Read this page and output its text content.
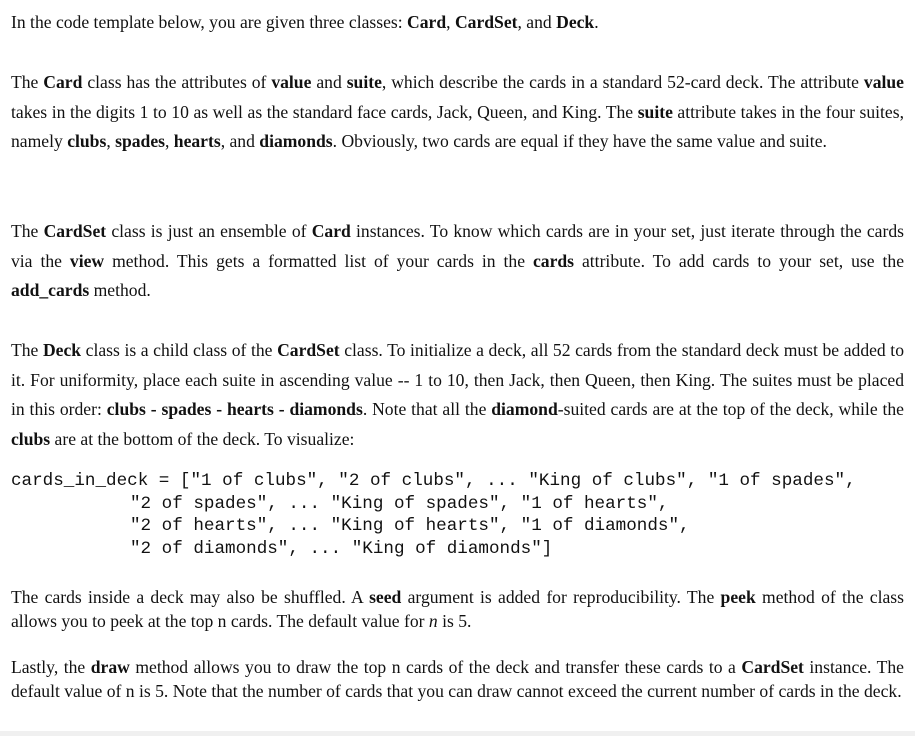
In the code template below, you are given three classes: Card, CardSet, and Deck.

The Card class has the attributes of value and suite, which describe the cards in a standard 52-card deck. The attribute value takes in the digits 1 to 10 as well as the standard face cards, Jack, Queen, and King. The suite attribute takes in the four suites, namely clubs, spades, hearts, and diamonds. Obviously, two cards are equal if they have the same value and suite.

The CardSet class is just an ensemble of Card instances. To know which cards are in your set, just iterate through the cards via the view method. This gets a formatted list of your cards in the cards attribute. To add cards to your set, use the add_cards method.

The Deck class is a child class of the CardSet class. To initialize a deck, all 52 cards from the standard deck must be added to it. For uniformity, place each suite in ascending value -- 1 to 10, then Jack, then Queen, then King. The suites must be placed in this order: clubs - spades - hearts - diamonds. Note that all the diamond-suited cards are at the top of the deck, while the clubs are at the bottom of the deck. To visualize:

cards_in_deck = ["1 of clubs", "2 of clubs", ... "King of clubs", "1 of spades",
"2 of spades", ... "King of spades", "1 of hearts",
"2 of hearts", ... "King of hearts", "1 of diamonds",
"2 of diamonds", ... "King of diamonds"]

The cards inside a deck may also be shuffled. A seed argument is added for reproducibility. The peek method of the class allows you to peek at the top n cards. The default value for n is 5.

Lastly, the draw method allows you to draw the top n cards of the deck and transfer these cards to a CardSet instance. The default value of n is 5. Note that the number of cards that you can draw cannot exceed the current number of cards in the deck.
